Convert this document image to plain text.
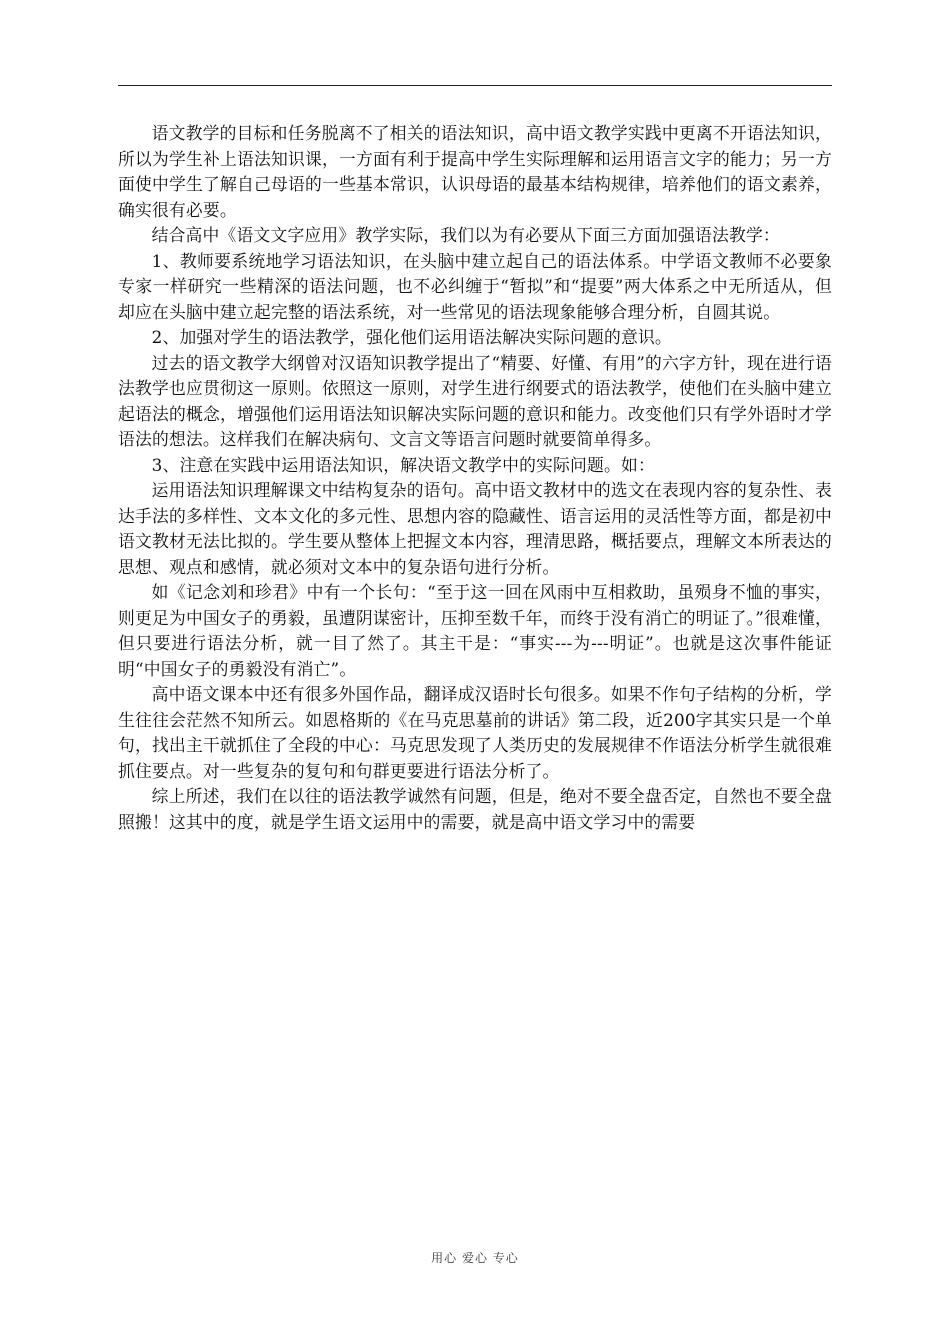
语文教学的目标和任务脱离不了相关的语法知识，高中语文教学实践中更离不开语法知识，所以为学生补上语法知识课，一方面有利于提高中学生实际理解和运用语言文字的能力；另一方面使中学生了解自己母语的一些基本常识，认识母语的最基本结构规律，培养他们的语文素养，确实很有必要。

结合高中《语文文字应用》教学实际，我们以为有必要从下面三方面加强语法教学：

1、教师要系统地学习语法知识，在头脑中建立起自己的语法体系。中学语文教师不必要象专家一样研究一些精深的语法问题，也不必纠缠于“暂拟”和“提要”两大体系之中无所适从，但却应在头脑中建立起完整的语法系统，对一些常见的语法现象能够合理分析，自圆其说。

2、加强对学生的语法教学，强化他们运用语法解决实际问题的意识。

过去的语文教学大纲曾对汉语知识教学提出了“精要、好懂、有用”的六字方针，现在进行语法教学也应贯彻这一原则。依照这一原则，对学生进行纲要式的语法教学，使他们在头脑中建立起语法的概念，增强他们运用语法知识解决实际问题的意识和能力。改变他们只有学外语时才学语法的想法。这样我们在解决病句、文言文等语言问题时就要简单得多。

3、注意在实践中运用语法知识，解决语文教学中的实际问题。如：

运用语法知识理解课文中结构复杂的语句。高中语文教材中的选文在表现内容的复杂性、表达手法的多样性、文本文化的多元性、思想内容的隐藏性、语言运用的灵活性等方面，都是初中语文教材无法比拟的。学生要从整体上把握文本内容，理清思路，概括要点，理解文本所表达的思想、观点和感情，就必须对文本中的复杂语句进行分析。

如《记念刘和珍君》中有一个长句：“至于这一回在风雨中互相救助，虽殒身不恤的事实，则更足为中国女子的勇毅，虽遭阴谋密计，压抑至数千年，而终于没有消亡的明证了。”很难懂，但只要进行语法分析，就一目了然了。其主干是：“事实---为---明证”。也就是这次事件能证明“中国女子的勇毅没有消亡”。

高中语文课本中还有很多外国作品，翻译成汉语时长句很多。如果不作句子结构的分析，学生往往会茫然不知所云。如恩格斯的《在马克思墓前的讲话》第二段，近200字其实只是一个单句，找出主干就抓住了全段的中心：马克思发现了人类历史的发展规律不作语法分析学生就很难抓住要点。对一些复杂的复句和句群更要进行语法分析了。

综上所述，我们在以往的语法教学诚然有问题，但是，绝对不要全盘否定，自然也不要全盘照搬！这其中的度，就是学生语文运用中的需要，就是高中语文学习中的需要

用心 爱心 专心
